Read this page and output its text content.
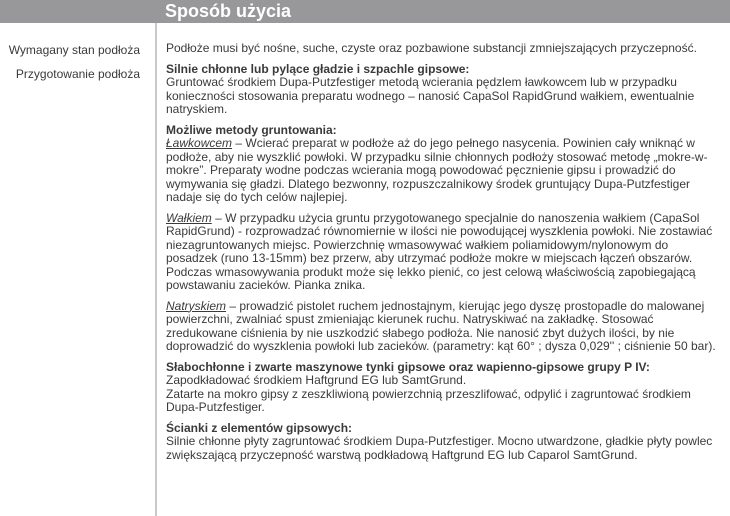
Sposób użycia
Wymagany stan podłoża
Przygotowanie podłoża
Podłoże musi być nośne, suche, czyste oraz pozbawione substancji zmniejszających przyczepność.
Silnie chłonne lub pylące gładzie i szpachle gipsowe:
Gruntować środkiem Dupa-Putzfestiger metodą wcierania pędzlem ławkowcem lub w przypadku konieczności stosowania preparatu wodnego – nanosić CapaSol RapidGrund wałkiem, ewentualnie natryskiem.
Możliwe metody gruntowania:
Ławkowcem – Wcierać preparat w podłoże aż do jego pełnego nasycenia. Powinien cały wniknąć w podłoże, aby nie wyszklić powłoki. W przypadku silnie chłonnych podłoży stosować metodę „mokre-w-mokre”. Preparaty wodne podczas wcierania mogą powodować pęcznienie gipsu i prowadzić do wymywania się gładzi. Dlatego bezwonny, rozpuszczalnikowy środek gruntujący Dupa-Putzfestiger nadaje się do tych celów najlepiej.
Wałkiem – W przypadku użycia gruntu przygotowanego specjalnie do nanoszenia wałkiem (CapaSol RapidGrund) - rozprowadzać równomiernie w ilości nie powodującej wyszklenia powłoki. Nie zostawiać niezagruntowanych miejsc. Powierzchnię wmasowywać wałkiem poliamidowym/nylonowym do posadzek (runo 13-15mm) bez przerw, aby utrzymać podłoże mokre w miejscach łączeń obszarów. Podczas wmasowywania produkt może się lekko pienić, co jest celową właściwością zapobiegającą powstawaniu zacieków. Pianka znika.
Natryskiem – prowadzić pistolet ruchem jednostajnym, kierując jego dyszę prostopadle do malowanej powierzchni, zwalniać spust zmieniając kierunek ruchu. Natryskiwać na zakładkę. Stosować zredukowane ciśnienia by nie uszkodzić słabego podłoża. Nie nanosić zbyt dużych ilości, by nie doprowadzić do wyszklenia powłoki lub zacieków. (parametry: kąt 60° ; dysza 0,029'' ; ciśnienie 50 bar).
Słabochłonne i zwarte maszynowe tynki gipsowe oraz wapienno-gipsowe grupy P IV:
Zapodkładować środkiem Haftgrund EG lub SamtGrund.
Zatarte na mokro gipsy z zeszkliwioną powierzchnią przeszlifować, odpylić i zagruntować środkiem Dupa-Putzfestiger.
Ścianki z elementów gipsowych:
Silnie chłonne płyty zagruntować środkiem Dupa-Putzfestiger. Mocno utwardzone, gładkie płyty powlec zwiększającą przyczepność warstwą podkładową Haftgrund EG lub Caparol SamtGrund.
